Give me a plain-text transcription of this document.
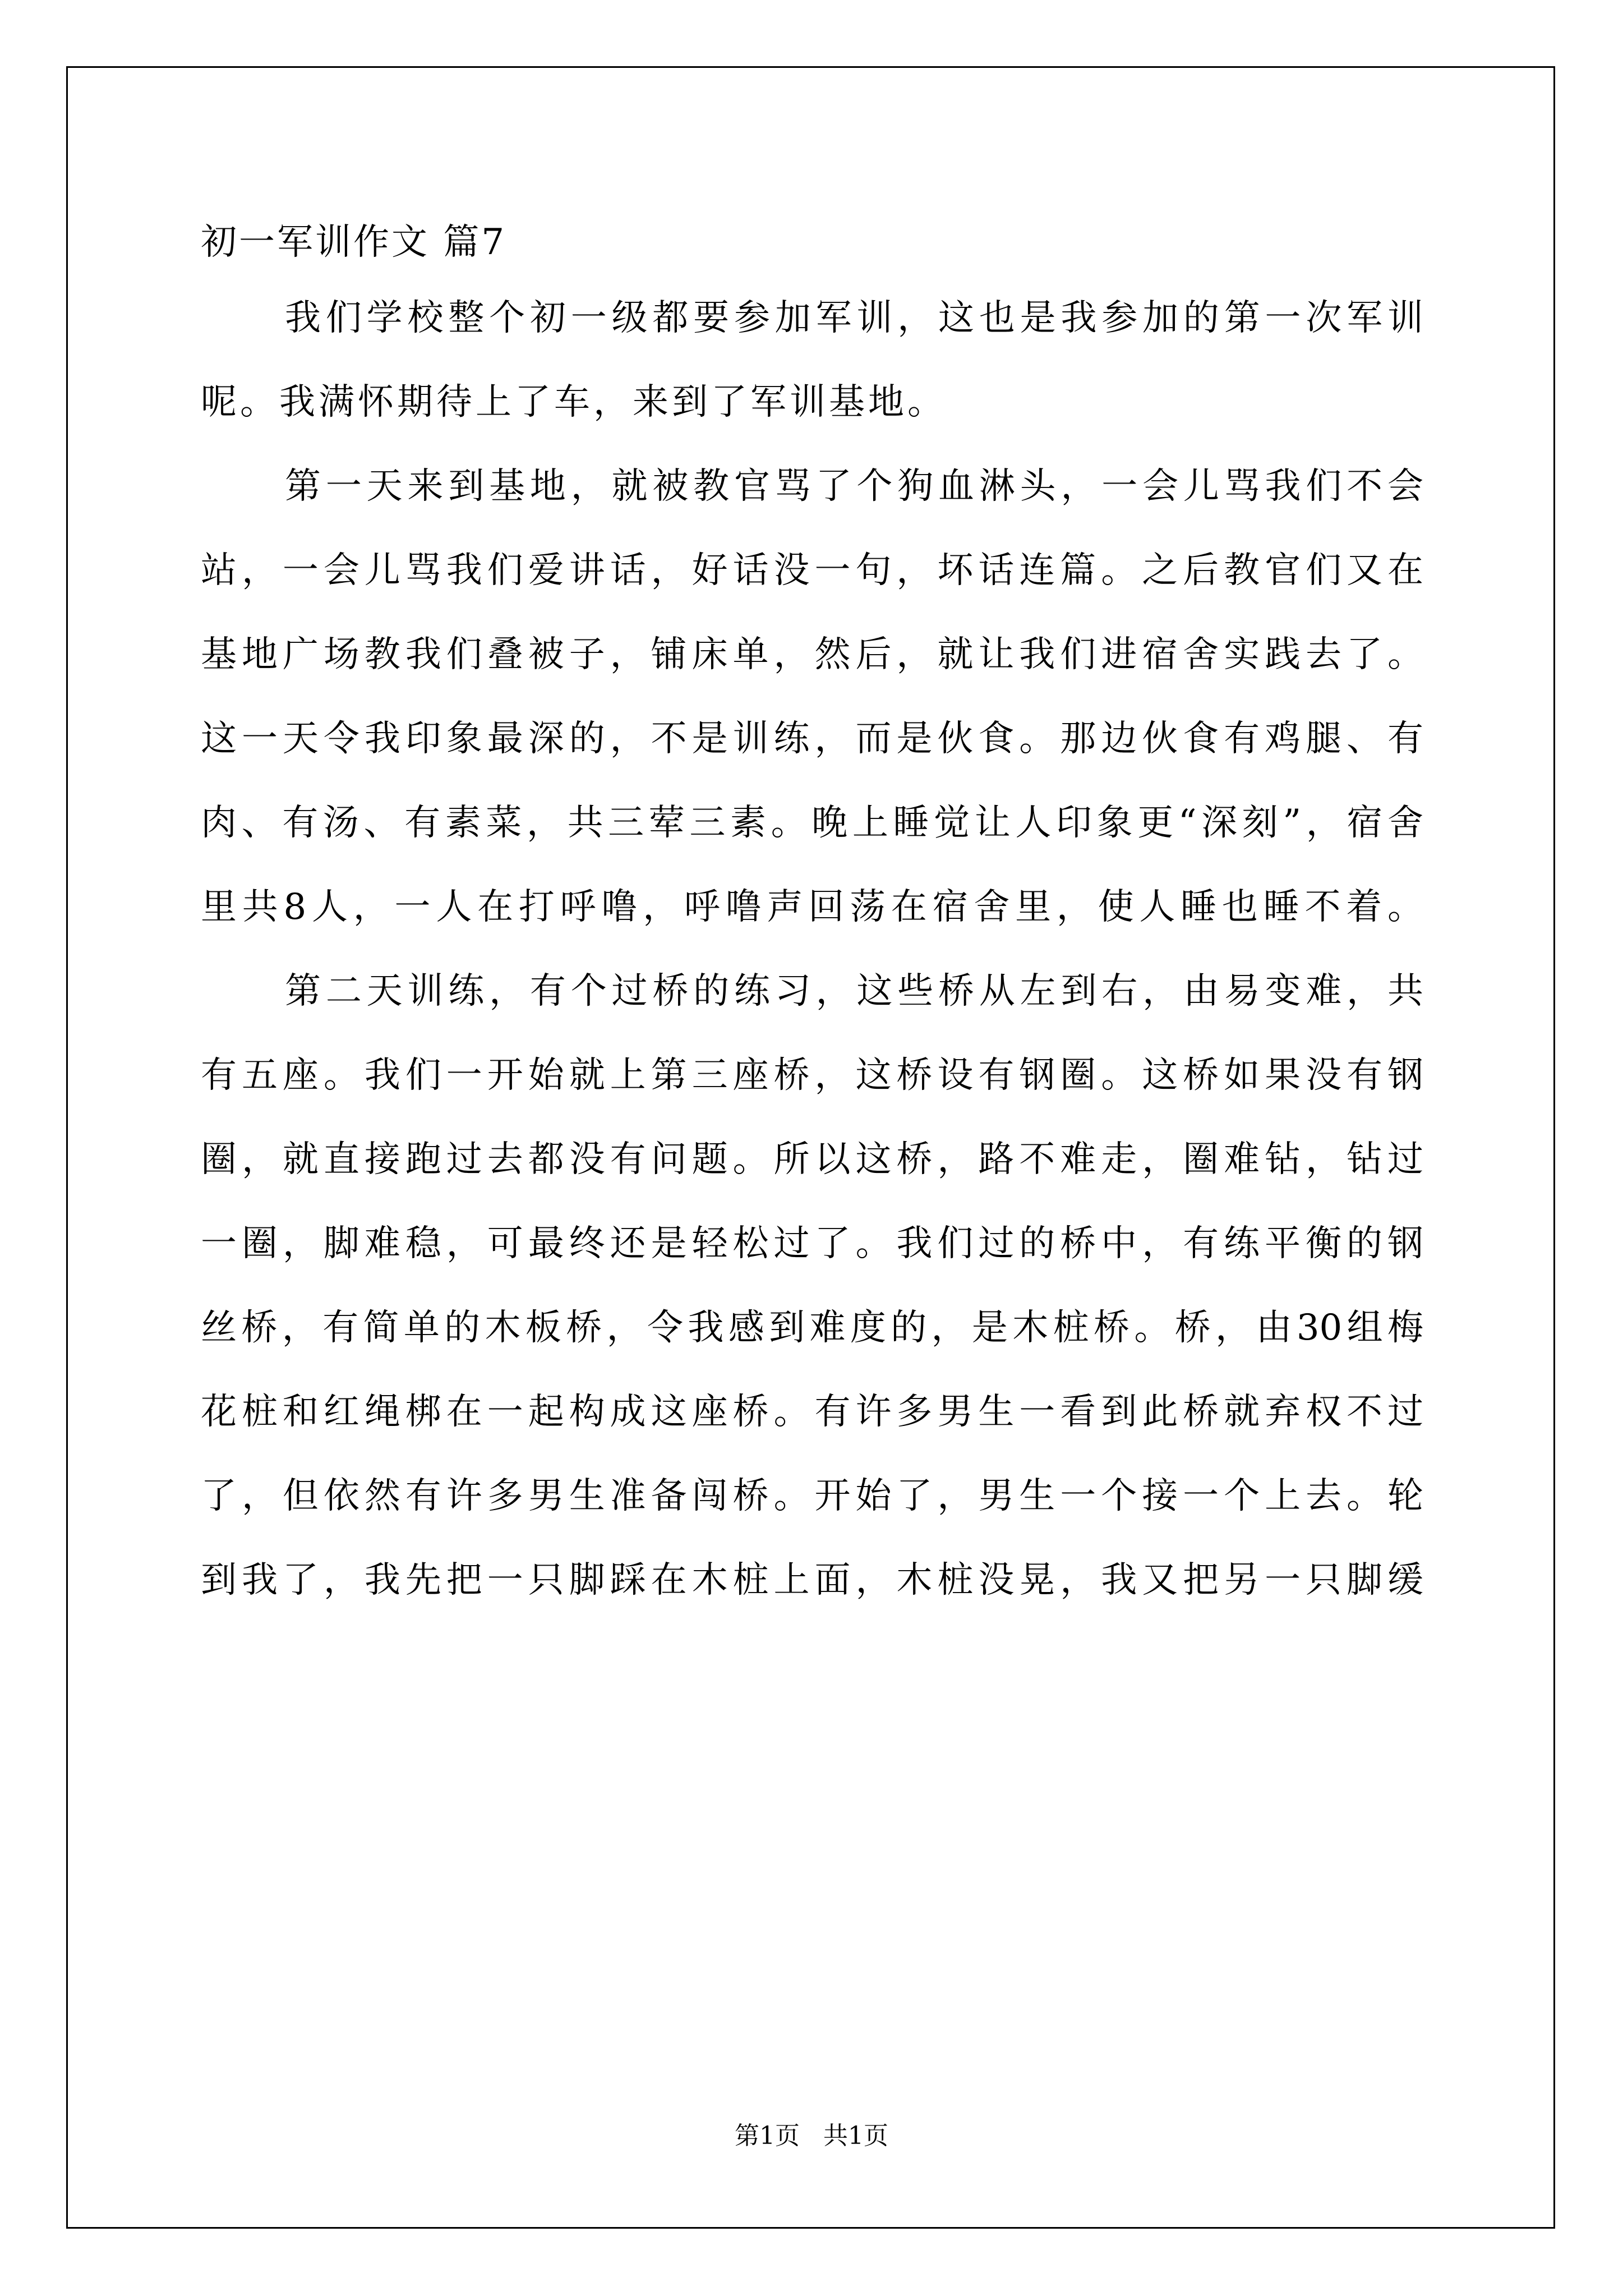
初一军训作文 篇7
我们学校整个初一级都要参加军训，这也是我参加的第一次军训
呢。我满怀期待上了车，来到了军训基地。
第一天来到基地，就被教官骂了个狗血淋头，一会儿骂我们不会
站，一会儿骂我们爱讲话，好话没一句，坏话连篇。之后教官们又在
基地广场教我们叠被子，铺床单，然后，就让我们进宿舍实践去了。
这一天令我印象最深的，不是训练，而是伙食。那边伙食有鸡腿、有
肉、有汤、有素菜，共三荤三素。晚上睡觉让人印象更“深刻”，宿舍
里共8人，一人在打呼噜，呼噜声回荡在宿舍里，使人睡也睡不着。
第二天训练，有个过桥的练习，这些桥从左到右，由易变难，共
有五座。我们一开始就上第三座桥，这桥设有钢圈。这桥如果没有钢
圈，就直接跑过去都没有问题。所以这桥，路不难走，圈难钻，钻过
一圈，脚难稳，可最终还是轻松过了。我们过的桥中，有练平衡的钢
丝桥，有简单的木板桥，令我感到难度的，是木桩桥。桥，由30组梅
花桩和红绳梆在一起构成这座桥。有许多男生一看到此桥就弃权不过
了，但依然有许多男生准备闯桥。开始了，男生一个接一个上去。轮
到我了，我先把一只脚踩在木桩上面，木桩没晃，我又把另一只脚缓
第1页   共1页
